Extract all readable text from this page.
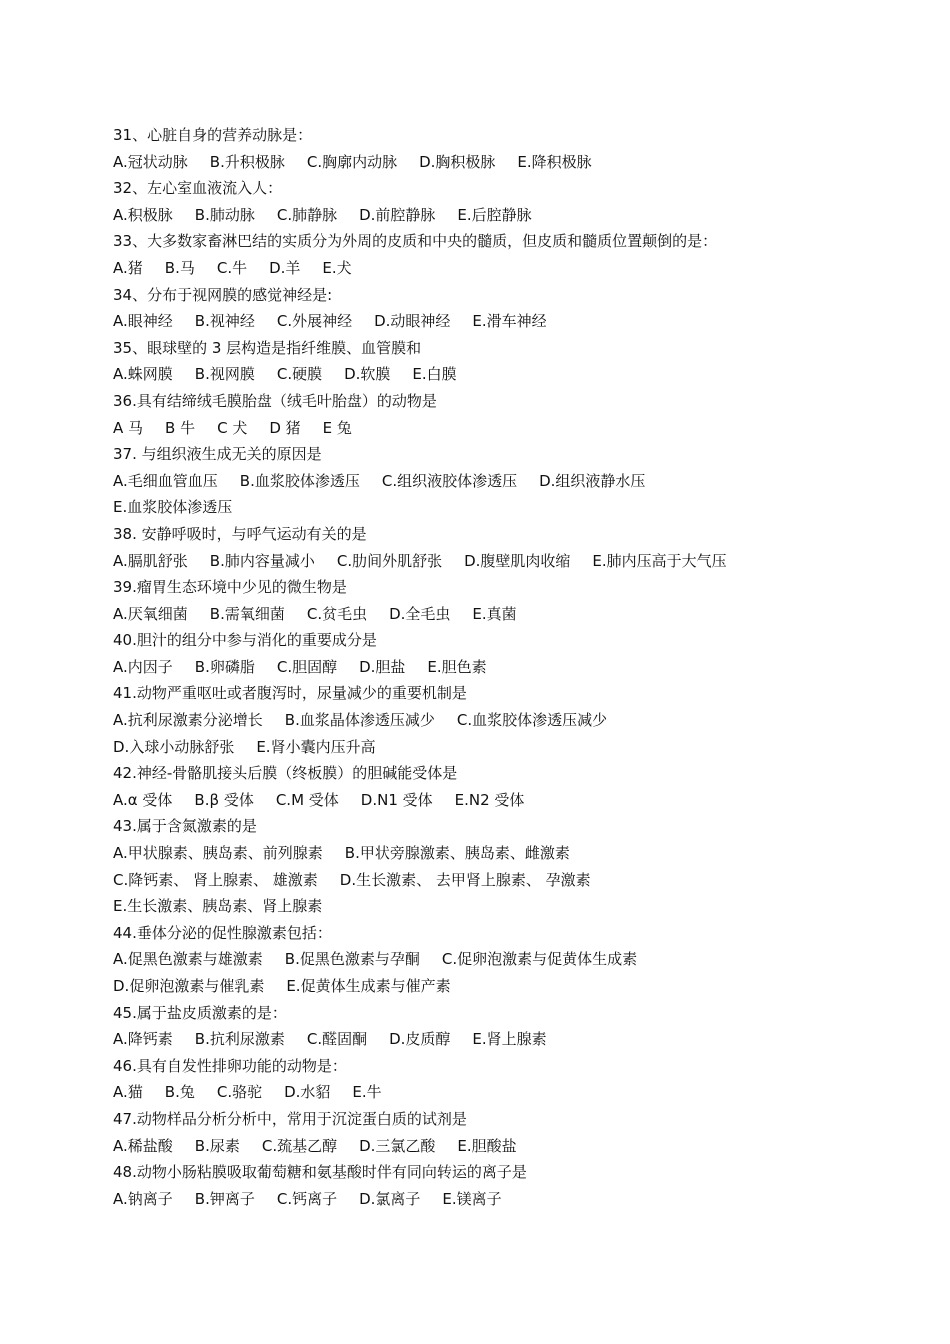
31、心脏自身的营养动脉是：
A.冠状动脉 B.升积极脉 C.胸廓内动脉 D.胸积极脉 E.降积极脉
32、左心室血液流入人：
A.积极脉 B.肺动脉 C.肺静脉 D.前腔静脉 E.后腔静脉
33、大多数家畜淋巴结的实质分为外周的皮质和中央的髓质，但皮质和髓质位置颠倒的是：
A.猪 B.马 C.牛 D.羊 E.犬
34、分布于视网膜的感觉神经是:
A.眼神经 B.视神经 C.外展神经 D.动眼神经 E.滑车神经
35、眼球壁的 3 层构造是指纤维膜、血管膜和
A.蛛网膜 B.视网膜 C.硬膜 D.软膜 E.白膜
36.具有结缔绒毛膜胎盘（绒毛叶胎盘）的动物是
A 马 B 牛 C 犬 D 猪 E 兔
37. 与组织液生成无关的原因是
A.毛细血管血压 B.血浆胶体渗透压 C.组织液胶体渗透压 D.组织液静水压
E.血浆胶体渗透压
38. 安静呼吸时，与呼气运动有关的是
A.膈肌舒张 B.肺内容量减小 C.肋间外肌舒张 D.腹壁肌肉收缩 E.肺内压高于大气压
39.瘤胃生态环境中少见的微生物是
A.厌氧细菌 B.需氧细菌 C.贫毛虫 D.全毛虫 E.真菌
40.胆汁的组分中参与消化的重要成分是
A.内因子 B.卵磷脂 C.胆固醇 D.胆盐 E.胆色素
41.动物严重呕吐或者腹泻时，尿量减少的重要机制是
A.抗利尿激素分泌增长 B.血浆晶体渗透压减少 C.血浆胶体渗透压减少
D.入球小动脉舒张 E.肾小囊内压升高
42.神经-骨骼肌接头后膜（终板膜）的胆碱能受体是
A.α 受体 B.β 受体 C.M 受体 D.N1 受体 E.N2 受体
43.属于含氮激素的是
A.甲状腺素、胰岛素、前列腺素 B.甲状旁腺激素、胰岛素、雌激素
C.降钙素、 肾上腺素、 雄激素 D.生长激素、 去甲肾上腺素、 孕激素
E.生长激素、胰岛素、肾上腺素
44.垂体分泌的促性腺激素包括：
A.促黑色激素与雄激素 B.促黑色激素与孕酮 C.促卵泡激素与促黄体生成素
D.促卵泡激素与催乳素 E.促黄体生成素与催产素
45.属于盐皮质激素的是：
A.降钙素 B.抗利尿激素 C.醛固酮 D.皮质醇 E.肾上腺素
46.具有自发性排卵功能的动物是：
A.猫 B.兔 C.骆驼 D.水貂 E.牛
47.动物样品分析分析中，常用于沉淀蛋白质的试剂是
A.稀盐酸 B.尿素 C.巯基乙醇 D.三氯乙酸 E.胆酸盐
48.动物小肠粘膜吸取葡萄糖和氨基酸时伴有同向转运的离子是
A.钠离子 B.钾离子 C.钙离子 D.氯离子 E.镁离子
